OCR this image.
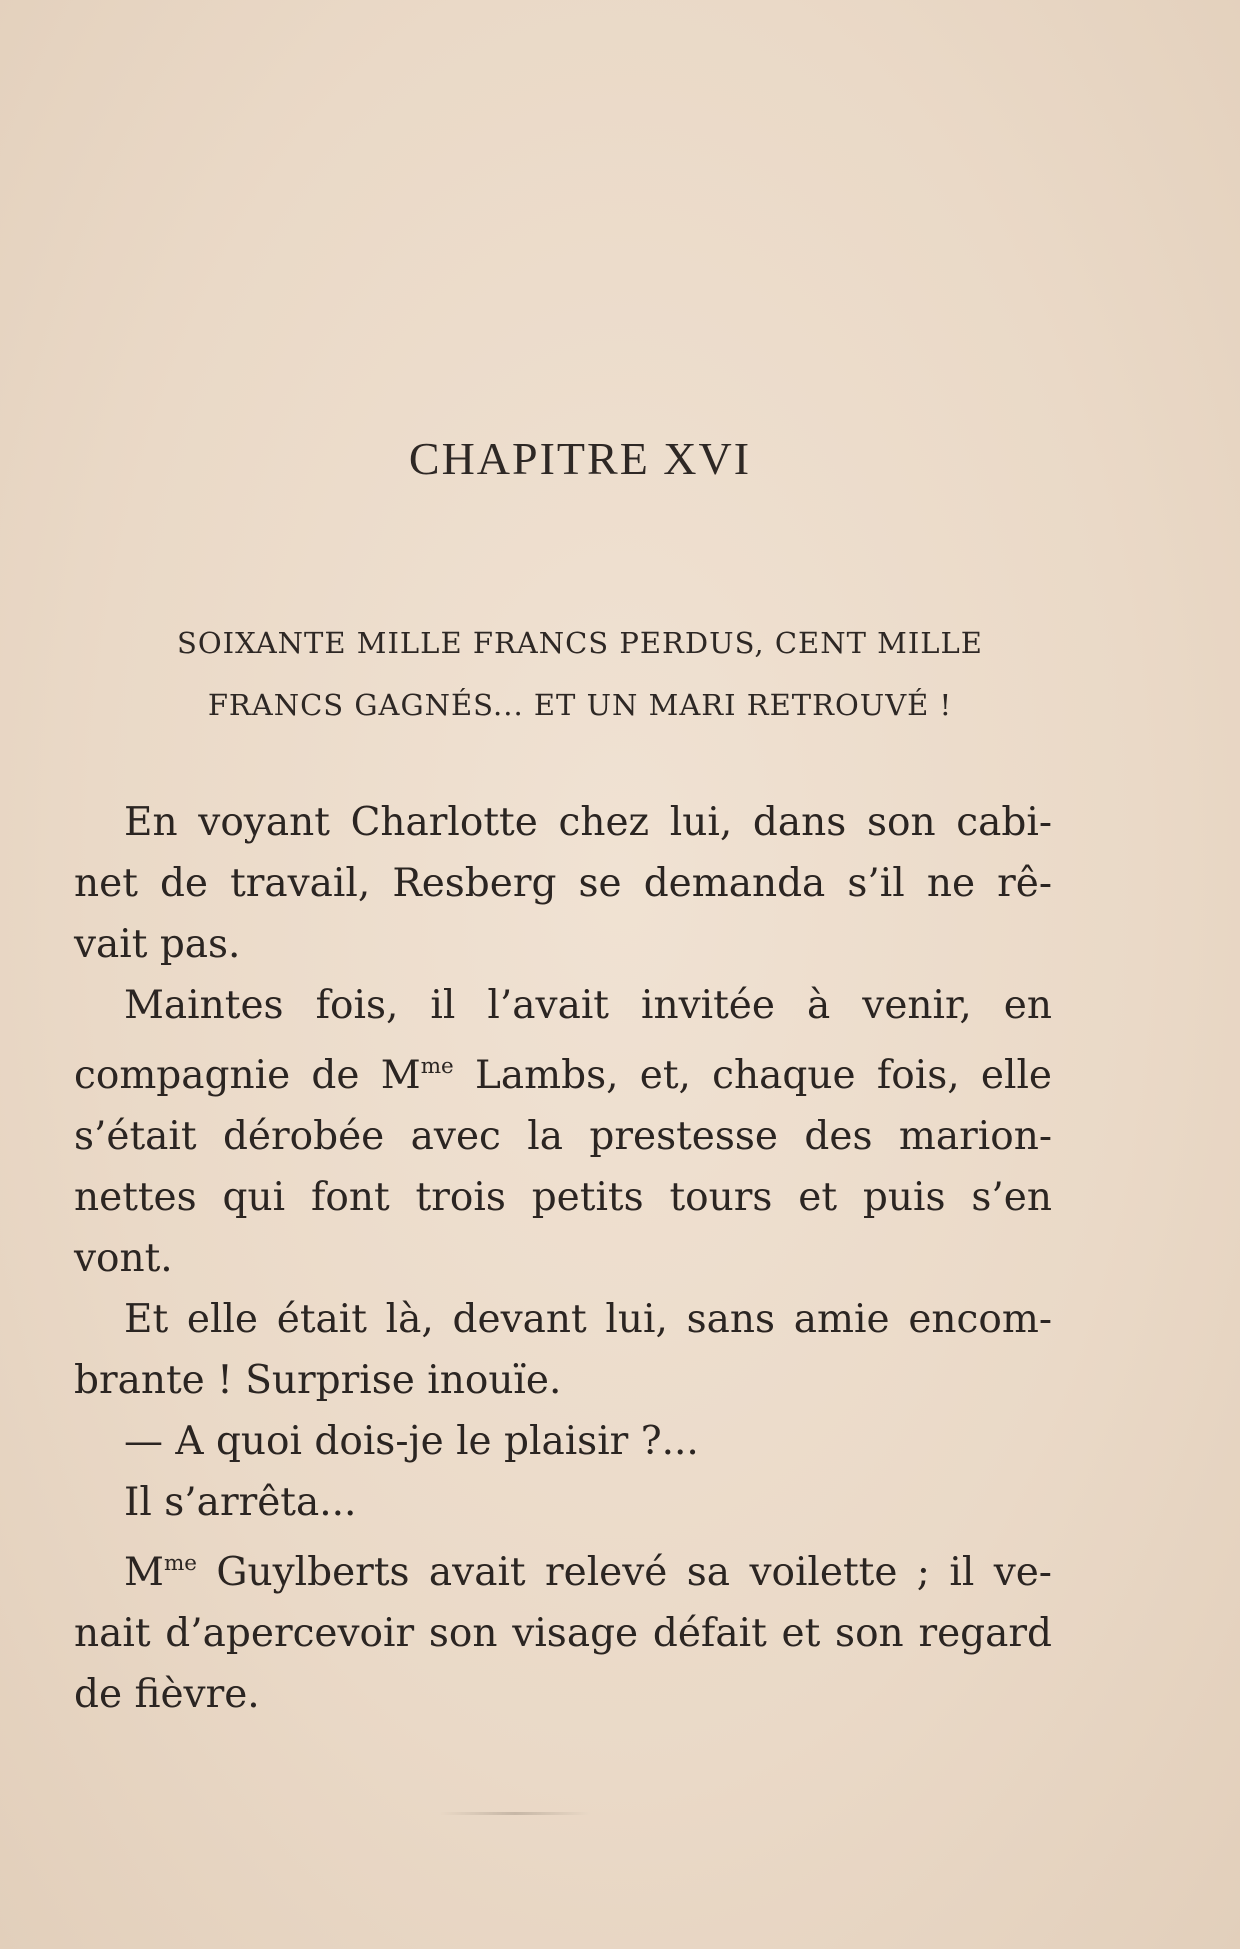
CHAPITRE XVI
SOIXANTE MILLE FRANCS PERDUS, CENT MILLE
FRANCS GAGNÉS... ET UN MARI RETROUVÉ !
En voyant Charlotte chez lui, dans son cabi-
net de travail, Resberg se demanda s’il ne rê-
vait pas.
Maintes fois, il l’avait invitée à venir, en
compagnie de $M^{me}$ Lambs, et, chaque fois, elle
s’était dérobée avec la prestesse des marion-
nettes qui font trois petits tours et puis s’en
vont.
Et elle était là, devant lui, sans amie encom-
brante ! Surprise inouïe.
— A quoi dois-je le plaisir ?...
Il s’arrêta...
$M^{me}$ Guylberts avait relevé sa voilette ; il ve-
nait d’apercevoir son visage défait et son regard
de fièvre.
